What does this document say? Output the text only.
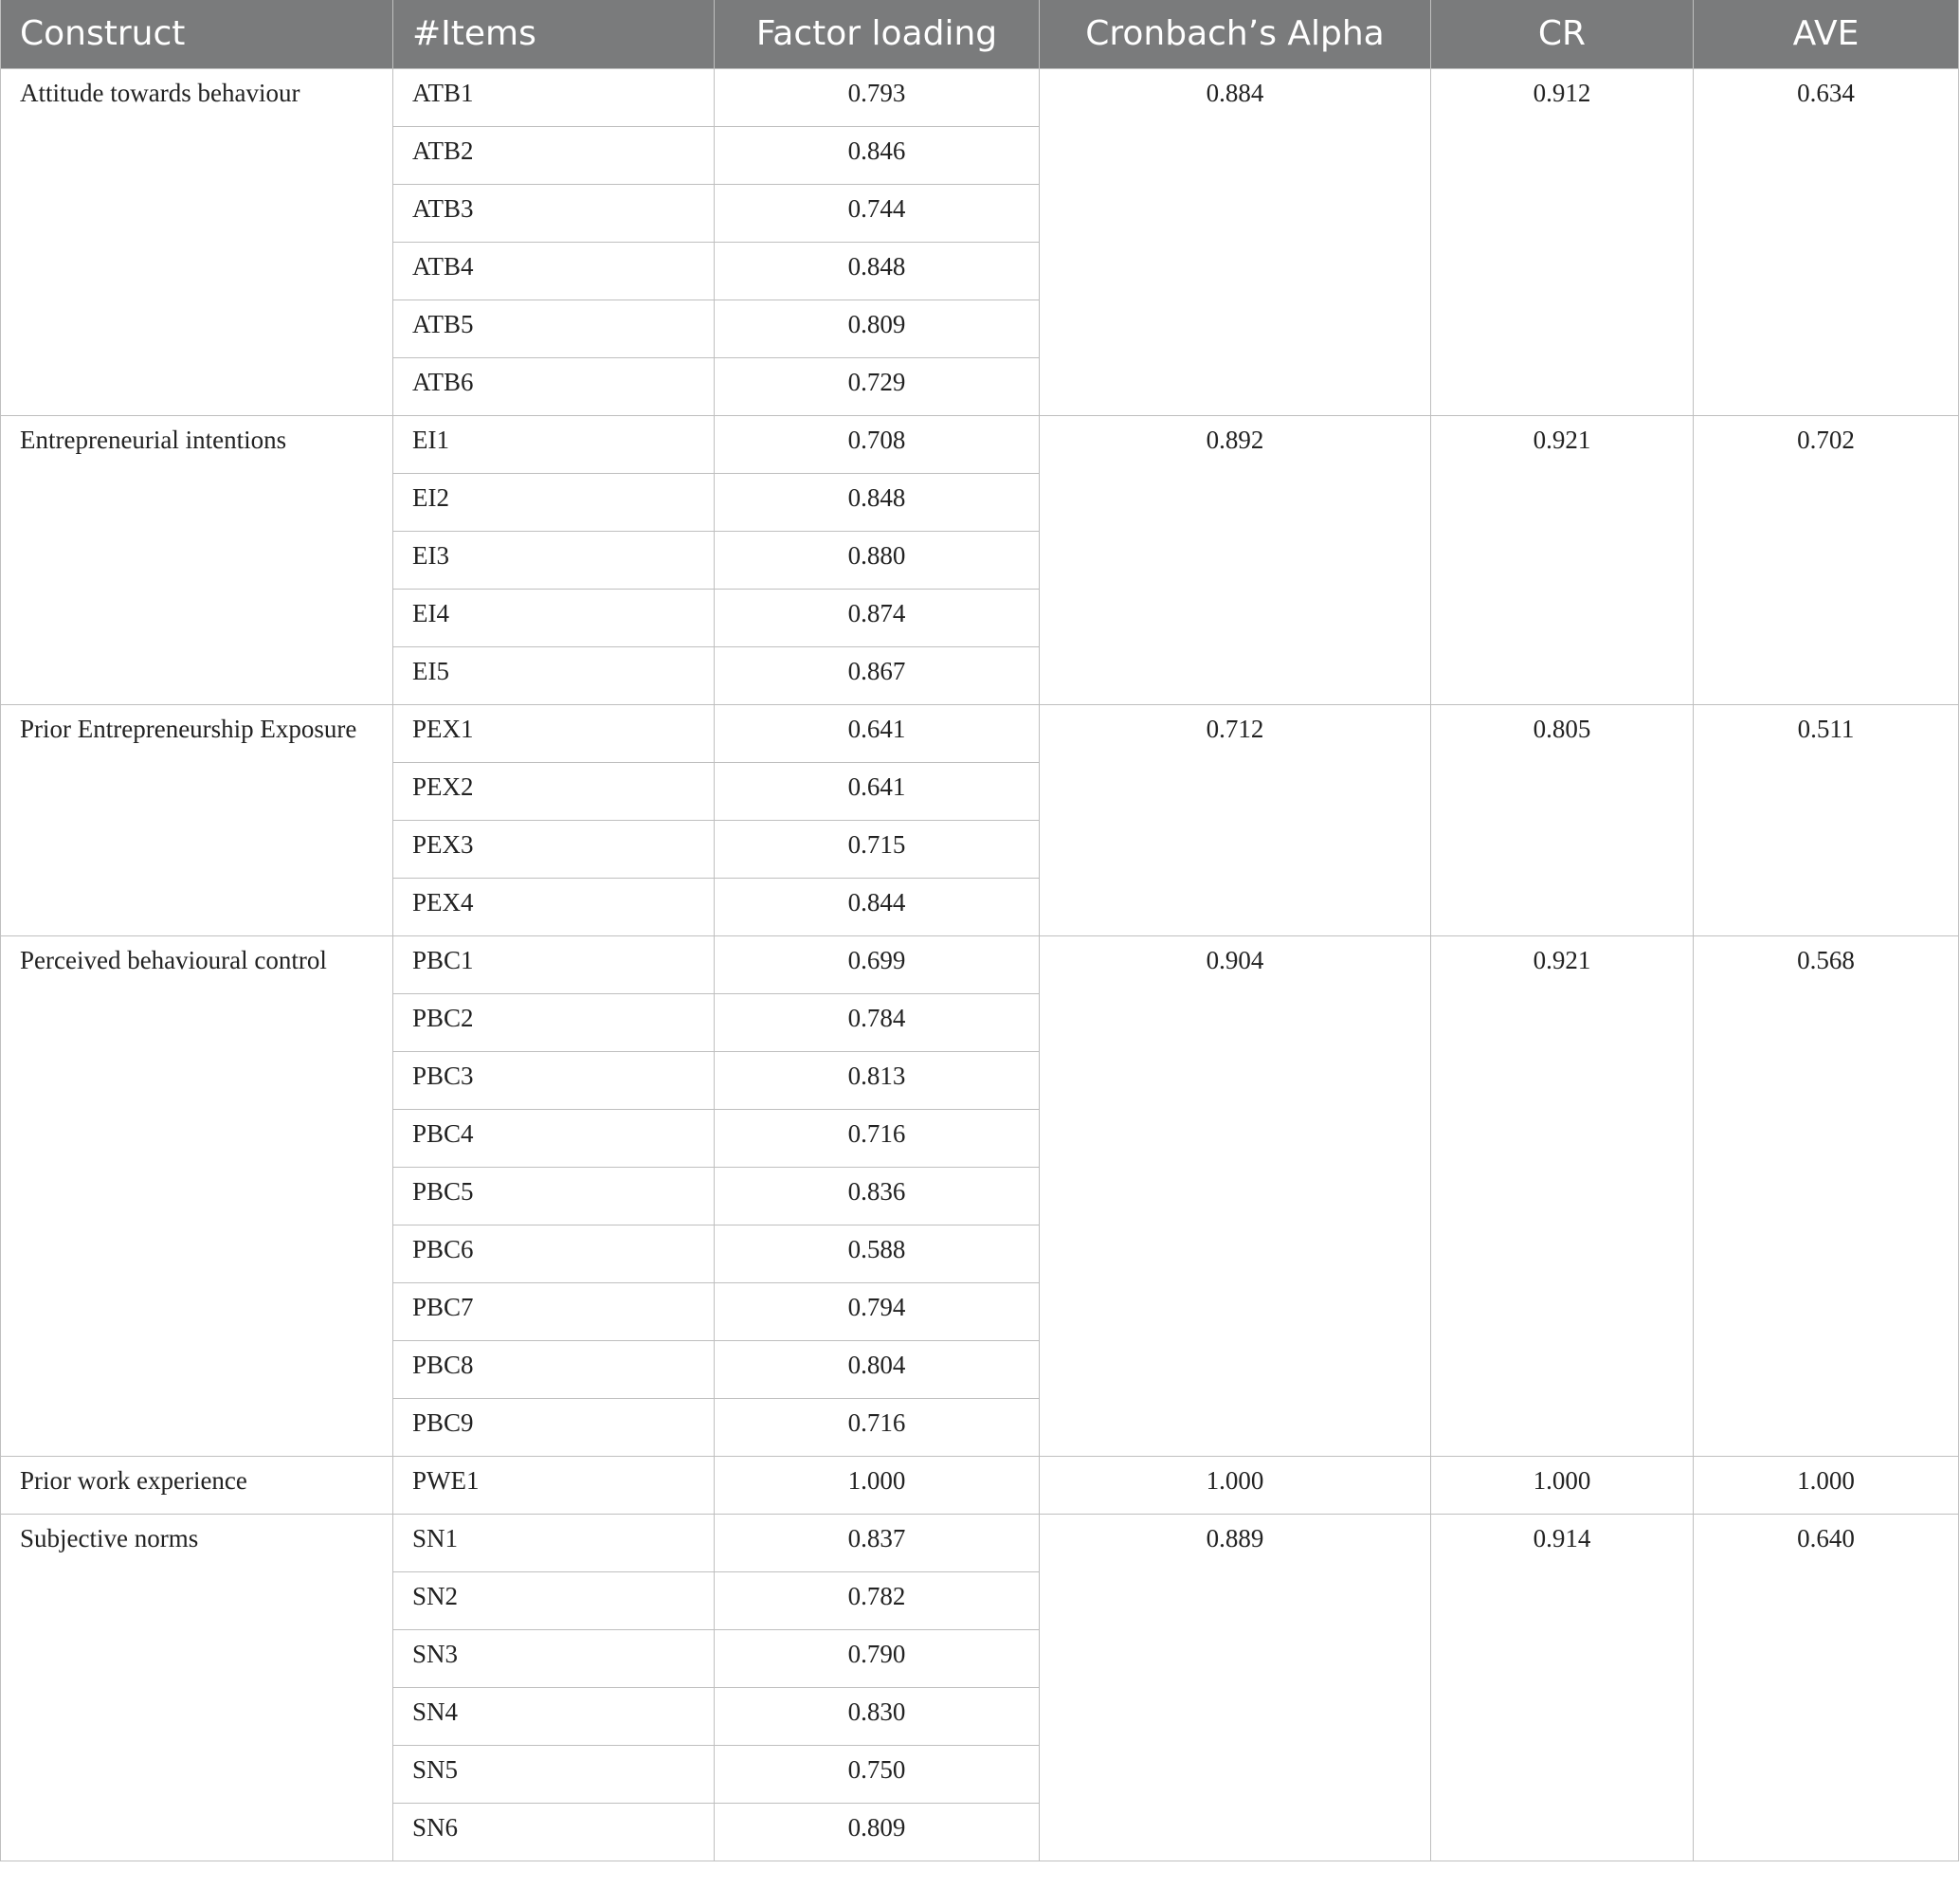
Construct	#Items	Factor loading	Cronbach’s Alpha	CR	AVE
Attitude towards behaviour	ATB1	0.793	0.884	0.912	0.634
	ATB2	0.846			
	ATB3	0.744			
	ATB4	0.848			
	ATB5	0.809			
	ATB6	0.729			
Entrepreneurial intentions	EI1	0.708	0.892	0.921	0.702
	EI2	0.848			
	EI3	0.880			
	EI4	0.874			
	EI5	0.867			
Prior Entrepreneurship Exposure	PEX1	0.641	0.712	0.805	0.511
	PEX2	0.641			
	PEX3	0.715			
	PEX4	0.844			
Perceived behavioural control	PBC1	0.699	0.904	0.921	0.568
	PBC2	0.784			
	PBC3	0.813			
	PBC4	0.716			
	PBC5	0.836			
	PBC6	0.588			
	PBC7	0.794			
	PBC8	0.804			
	PBC9	0.716			
Prior work experience	PWE1	1.000	1.000	1.000	1.000
Subjective norms	SN1	0.837	0.889	0.914	0.640
	SN2	0.782			
	SN3	0.790			
	SN4	0.830			
	SN5	0.750			
	SN6	0.809			
